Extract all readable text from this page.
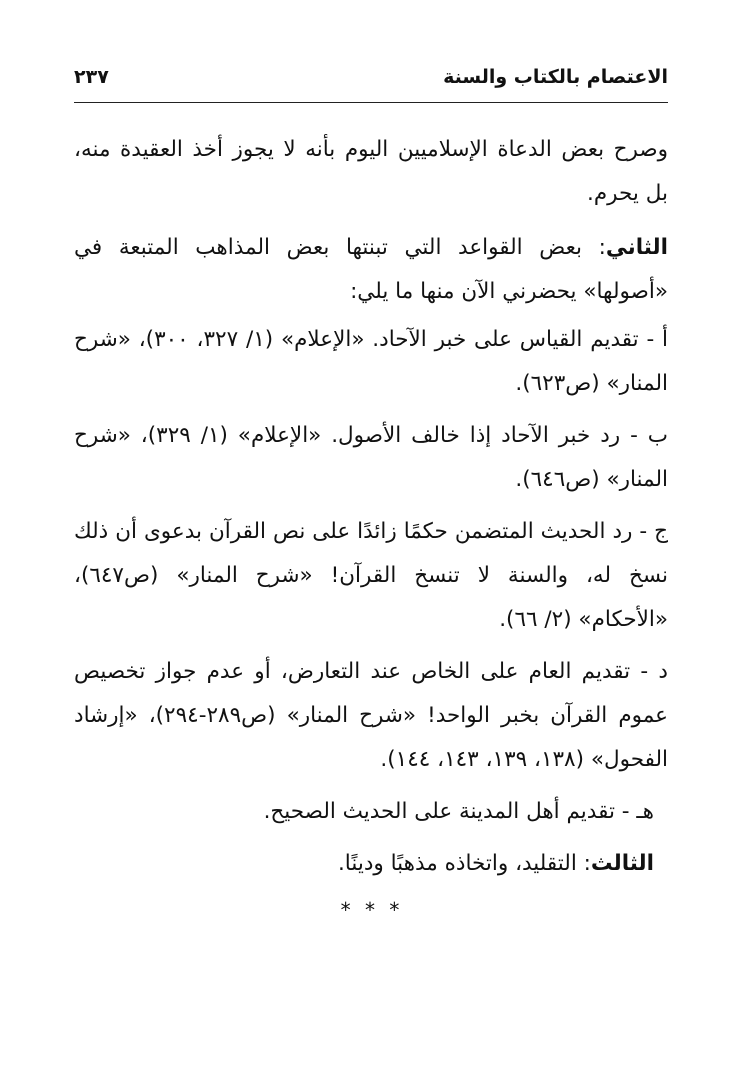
الاعتصام بالكتاب والسنة
٢٣٧

وصرح بعض الدعاة الإسلاميين اليوم بأنه لا يجوز أخذ العقيدة منه، بل يحرم.

الثاني: بعض القواعد التي تبنتها بعض المذاهب المتبعة في «أصولها» يحضرني الآن منها ما يلي:

أ - تقديم القياس على خبر الآحاد. «الإعلام» (١/ ٣٢٧، ٣٠٠)، «شرح المنار» (ص٦٢٣).

ب - رد خبر الآحاد إذا خالف الأصول. «الإعلام» (١/ ٣٢٩)، «شرح المنار» (ص٦٤٦).

ج - رد الحديث المتضمن حكمًا زائدًا على نص القرآن بدعوى أن ذلك نسخ له، والسنة لا تنسخ القرآن! «شرح المنار» (ص٦٤٧)، «الأحكام» (٢/ ٦٦).

د - تقديم العام على الخاص عند التعارض، أو عدم جواز تخصيص عموم القرآن بخبر الواحد! «شرح المنار» (ص٢٨٩-٢٩٤)، «إرشاد الفحول» (١٣٨، ١٣٩، ١٤٣، ١٤٤).

هـ - تقديم أهل المدينة على الحديث الصحيح.

الثالث: التقليد، واتخاذه مذهبًا ودينًا.

* * *
